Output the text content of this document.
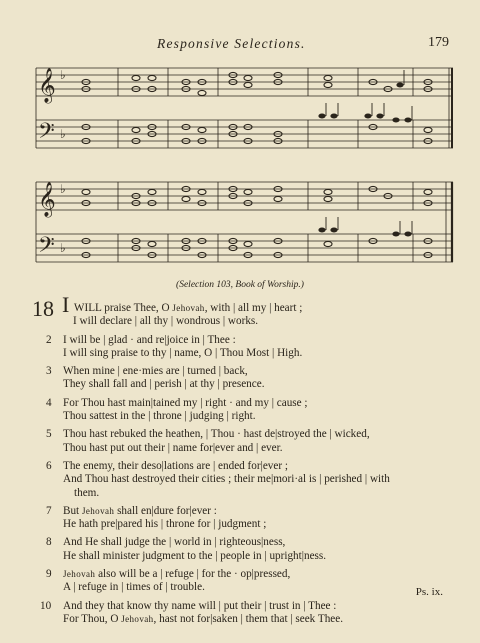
Responsive Selections.	179
𝄞
𝄢
♭
♭
𝄞
𝄢
♭
♭
(Selection 103, Book of Worship.)
18 I WILL praise Thee, O Jehovah, with | all my | heart ;
I will declare | all thy | wondrous | works.
2 I will be | glad · and re|joice in | Thee :
I will sing praise to thy | name, O | Thou Most | High.
3 When mine | ene·mies are | turned | back,
They shall fall and | perish | at thy | presence.
4 For Thou hast main|tained my | right · and my | cause ;
Thou sattest in the | throne | judging | right.
5 Thou hast rebuked the heathen, | Thou · hast de|stroyed the | wicked,
Thou hast put out their | name for|ever and | ever.
6 The enemy, their deso|lations are | ended for|ever ;
And Thou hast destroyed their cities ; their me|mori·al is | perished | with
them.
7 But Jehovah shall en|dure for|ever :
He hath pre|pared his | throne for | judgment ;
8 And He shall judge the | world in | righteous|ness,
He shall minister judgment to the | people in | upright|ness.
9 Jehovah also will be a | refuge | for the · op|pressed,
A | refuge in | times of | trouble.
10 And they that know thy name will | put their | trust in | Thee :
For Thou, O Jehovah, hast not for|saken | them that | seek Thee.
Ps. ix.
